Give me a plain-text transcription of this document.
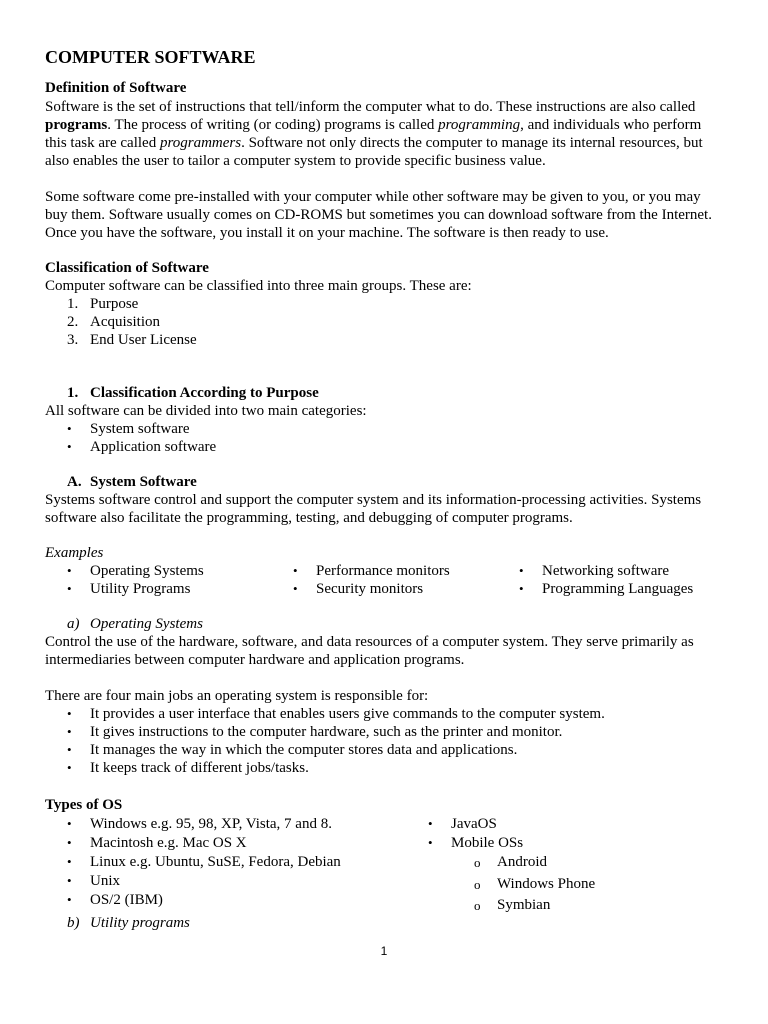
COMPUTER SOFTWARE
Definition of Software
Software is the set of instructions that tell/inform the computer what to do. These instructions are also called
programs. The process of writing (or coding) programs is called programming, and individuals who perform
this task are called programmers. Software not only directs the computer to manage its internal resources, but
also enables the user to tailor a computer system to provide specific business value.
Some software come pre-installed with your computer while other software may be given to you, or you may
buy them. Software usually comes on CD-ROMS but sometimes you can download software from the Internet.
Once you have the software, you install it on your machine. The software is then ready to use.
Classification of Software
Computer software can be classified into three main groups. These are:
1. Purpose
2. Acquisition
3. End User License
1. Classification According to Purpose
All software can be divided into two main categories:
• System software
• Application software
A. System Software
Systems software control and support the computer system and its information-processing activities. Systems
software also facilitate the programming, testing, and debugging of computer programs.
Examples
• Operating Systems
• Utility Programs
• Performance monitors
• Security monitors
• Networking software
• Programming Languages
a) Operating Systems
Control the use of the hardware, software, and data resources of a computer system. They serve primarily as
intermediaries between computer hardware and application programs.
There are four main jobs an operating system is responsible for:
• It provides a user interface that enables users give commands to the computer system.
• It gives instructions to the computer hardware, such as the printer and monitor.
• It manages the way in which the computer stores data and applications.
• It keeps track of different jobs/tasks.
Types of OS
• Windows e.g. 95, 98, XP, Vista, 7 and 8.
• Macintosh e.g. Mac OS X
• Linux e.g. Ubuntu, SuSE, Fedora, Debian
• Unix
• OS/2 (IBM)
• JavaOS
• Mobile OSs
o Android
o Windows Phone
o Symbian
b) Utility programs
1
